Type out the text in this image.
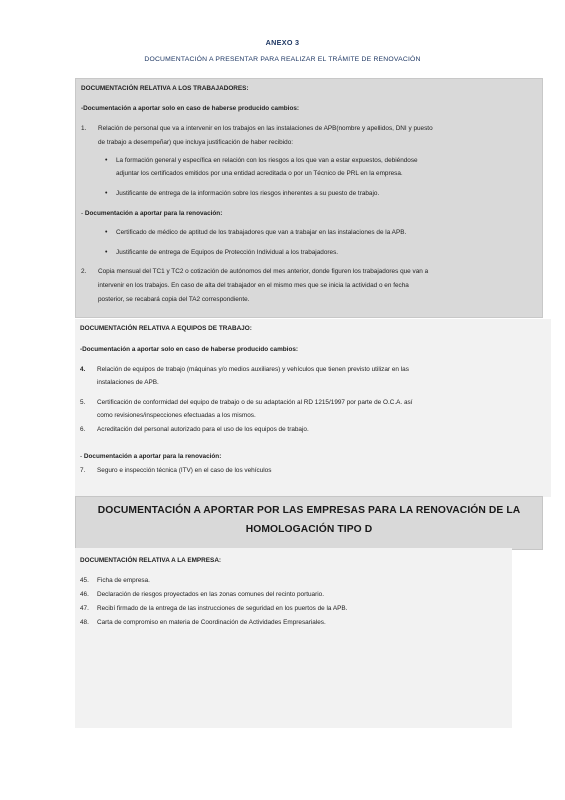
ANEXO 3
DOCUMENTACIÓN A PRESENTAR PARA REALIZAR EL TRÁMITE DE RENOVACIÓN
DOCUMENTACIÓN RELATIVA A LOS TRABAJADORES:
-Documentación a aportar solo en caso de haberse producido cambios:
1. Relación de personal que va a intervenir en los trabajos en las instalaciones de APB(nombre y apellidos, DNI y puesto
de trabajo a desempeñar) que incluya justificación de haber recibido:
• La formación general y específica en relación con los riesgos a los que van a estar expuestos, debiéndose
adjuntar los certificados emitidos por una entidad acreditada o por un Técnico de PRL en la empresa.
• Justificante de entrega de la información sobre los riesgos inherentes a su puesto de trabajo.
- Documentación a aportar para la renovación:
• Certificado de médico de aptitud de los trabajadores que van a trabajar en las instalaciones de la APB.
• Justificante de entrega de Equipos de Protección Individual a los trabajadores.
2. Copia mensual del TC1 y TC2 o cotización de autónomos del mes anterior, donde figuren los trabajadores que van a
intervenir en los trabajos. En caso de alta del trabajador en el mismo mes que se inicia la actividad o en fecha
posterior, se recabará copia del TA2 correspondiente.
DOCUMENTACIÓN RELATIVA A EQUIPOS DE TRABAJO:
-Documentación a aportar solo en caso de haberse producido cambios:
4. Relación de equipos de trabajo (máquinas y/o medios auxiliares) y vehículos que tienen previsto utilizar en las
instalaciones de APB.
5. Certificación de conformidad del equipo de trabajo o de su adaptación al RD 1215/1997 por parte de O.C.A. así
como revisiones/inspecciones efectuadas a los mismos.
6. Acreditación del personal autorizado para el uso de los equipos de trabajo.
- Documentación a aportar para la renovación:
7. Seguro e inspección técnica (ITV) en el caso de los vehículos
DOCUMENTACIÓN A APORTAR POR LAS EMPRESAS PARA LA RENOVACIÓN DE LA
HOMOLOGACIÓN TIPO D
DOCUMENTACIÓN RELATIVA A LA EMPRESA:
45. Ficha de empresa.
46. Declaración de riesgos proyectados en las zonas comunes del recinto portuario.
47. Recibí firmado de la entrega de las instrucciones de seguridad en los puertos de la APB.
48. Carta de compromiso en materia de Coordinación de Actividades Empresariales.
